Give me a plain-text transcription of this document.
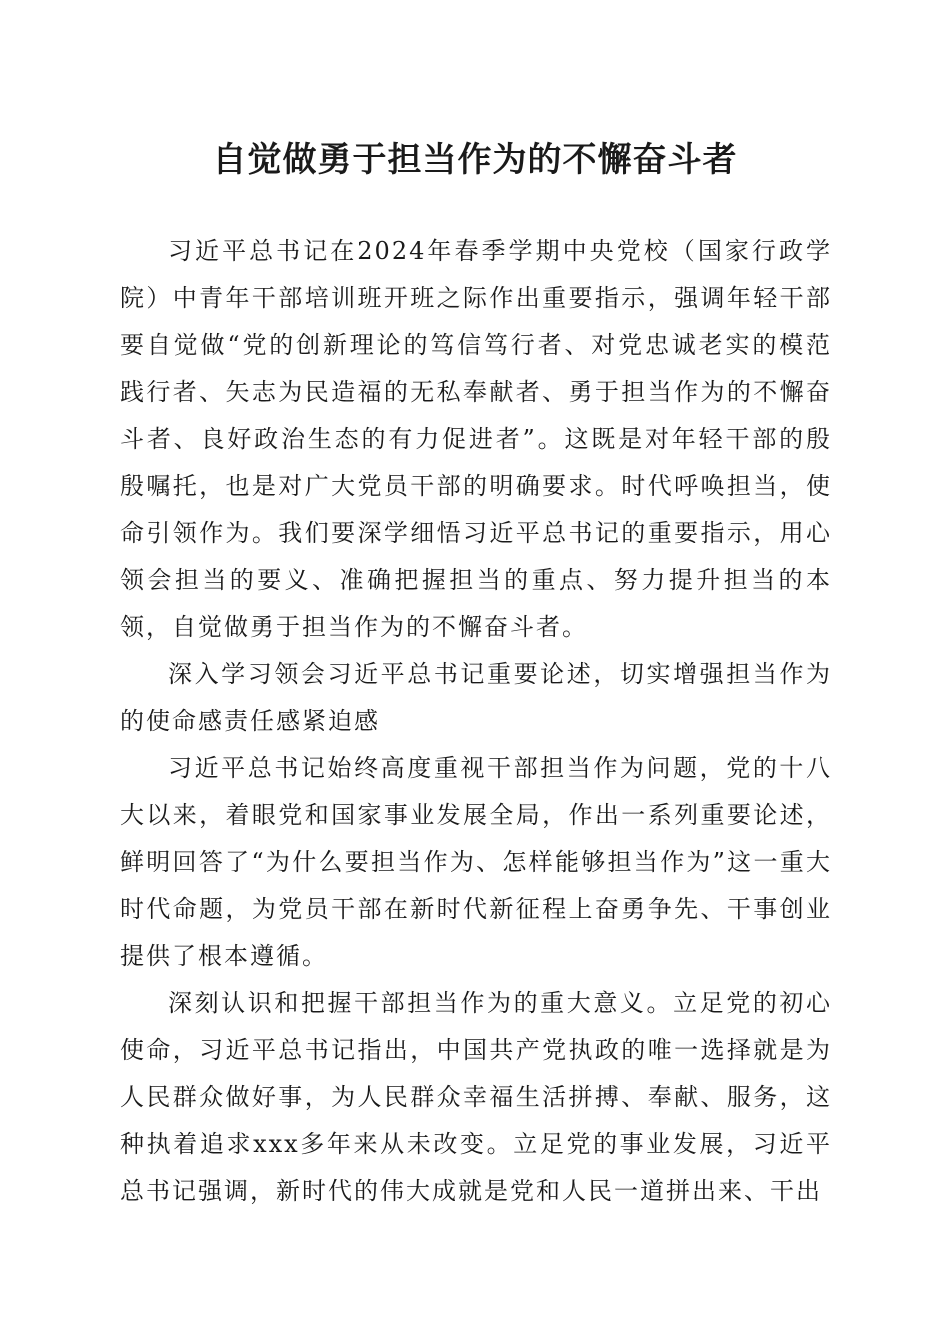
自觉做勇于担当作为的不懈奋斗者

习近平总书记在2024年春季学期中央党校（国家行政学院）中青年干部培训班开班之际作出重要指示，强调年轻干部要自觉做“党的创新理论的笃信笃行者、对党忠诚老实的模范践行者、矢志为民造福的无私奉献者、勇于担当作为的不懈奋斗者、良好政治生态的有力促进者”。这既是对年轻干部的殷殷嘱托，也是对广大党员干部的明确要求。时代呼唤担当，使命引领作为。我们要深学细悟习近平总书记的重要指示，用心领会担当的要义、准确把握担当的重点、努力提升担当的本领，自觉做勇于担当作为的不懈奋斗者。

深入学习领会习近平总书记重要论述，切实增强担当作为的使命感责任感紧迫感

习近平总书记始终高度重视干部担当作为问题，党的十八大以来，着眼党和国家事业发展全局，作出一系列重要论述，鲜明回答了“为什么要担当作为、怎样能够担当作为”这一重大时代命题，为党员干部在新时代新征程上奋勇争先、干事创业提供了根本遵循。

深刻认识和把握干部担当作为的重大意义。立足党的初心使命，习近平总书记指出，中国共产党执政的唯一选择就是为人民群众做好事，为人民群众幸福生活拼搏、奉献、服务，这种执着追求xxx多年来从未改变。立足党的事业发展，习近平总书记强调，新时代的伟大成就是党和人民一道拼出来、干出
